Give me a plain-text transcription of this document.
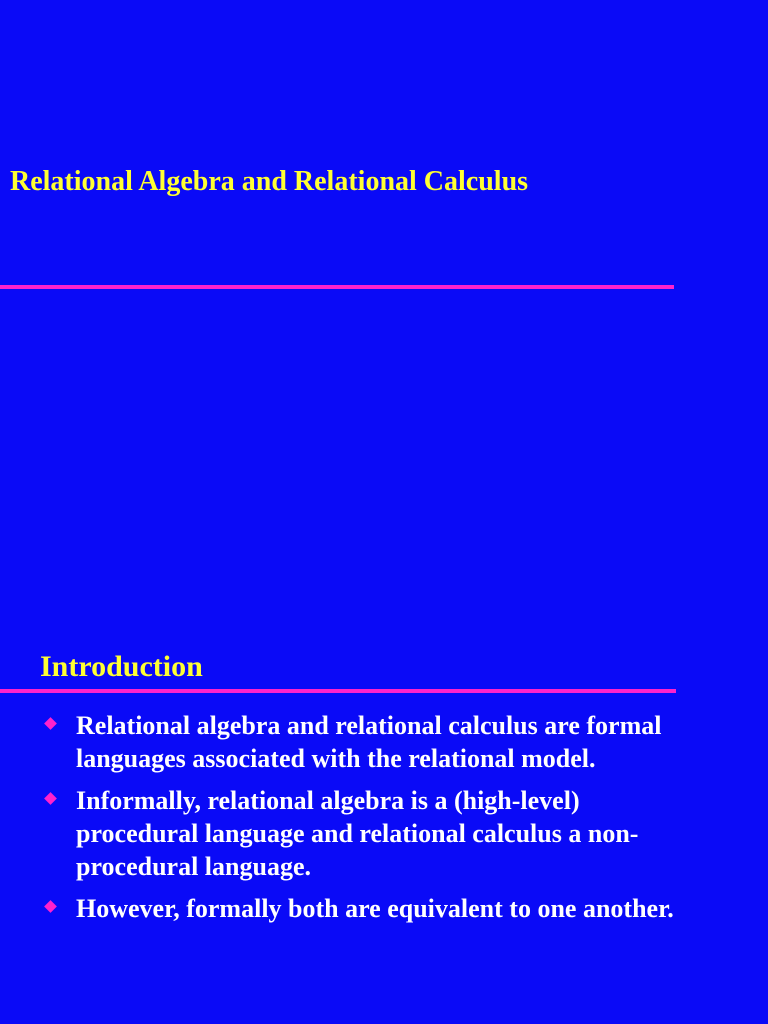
Relational Algebra and Relational Calculus
Introduction
Relational algebra and relational calculus are formal languages associated with the relational model.
Informally, relational algebra is a (high-level) procedural language and relational calculus a non-procedural language.
However, formally both are equivalent to one another.
